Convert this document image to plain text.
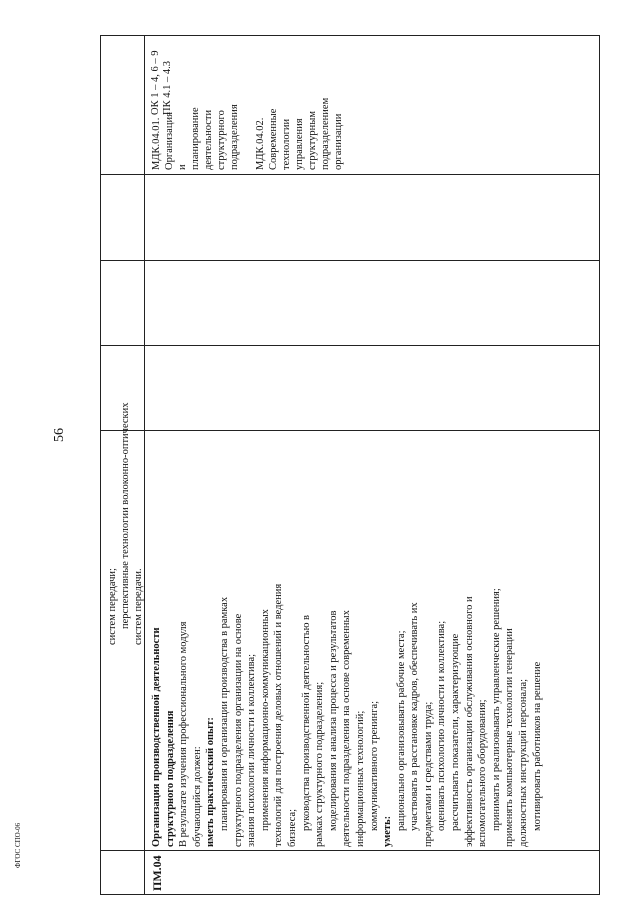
56
ФГОС СПО-06
систем передачи; перспективные технологии волоконно-оптических систем передачи.
ПМ.04
Организация производственной деятельности структурного подразделения В результате изучения профессионального модуля обучающийся должен: иметь практический опыт: планирования и организации производства в рамках структурного подразделения организации на основе знания психологии личности и коллектива; применения информационно-коммуникационных технологий для построения деловых отношений и ведения бизнеса; руководства производственной деятельностью в рамках структурного подразделения; моделирования и анализа процесса и результатов деятельности подразделения на основе современных информационных технологий; коммуникативного тренинга;
уметь:
рационально организовывать рабочие места; участвовать в расстановке кадров, обеспечивать их предметами и средствами труда; оценивать психологию личности и коллектива; рассчитывать показатели, характеризующие эффективность организации обслуживания основного и вспомогательного оборудования; принимать и реализовывать управленческие решения; применять компьютерные технологии генерации должностных инструкций персонала; мотивировать работников на решение
МДК.04.01. Организация и планирование деятельности структурного подразделения МДК.04.02. Современные технологии управления структурным подразделением организации
ОК 1 – 4, 6 – 9 ПК 4.1 – 4.3
